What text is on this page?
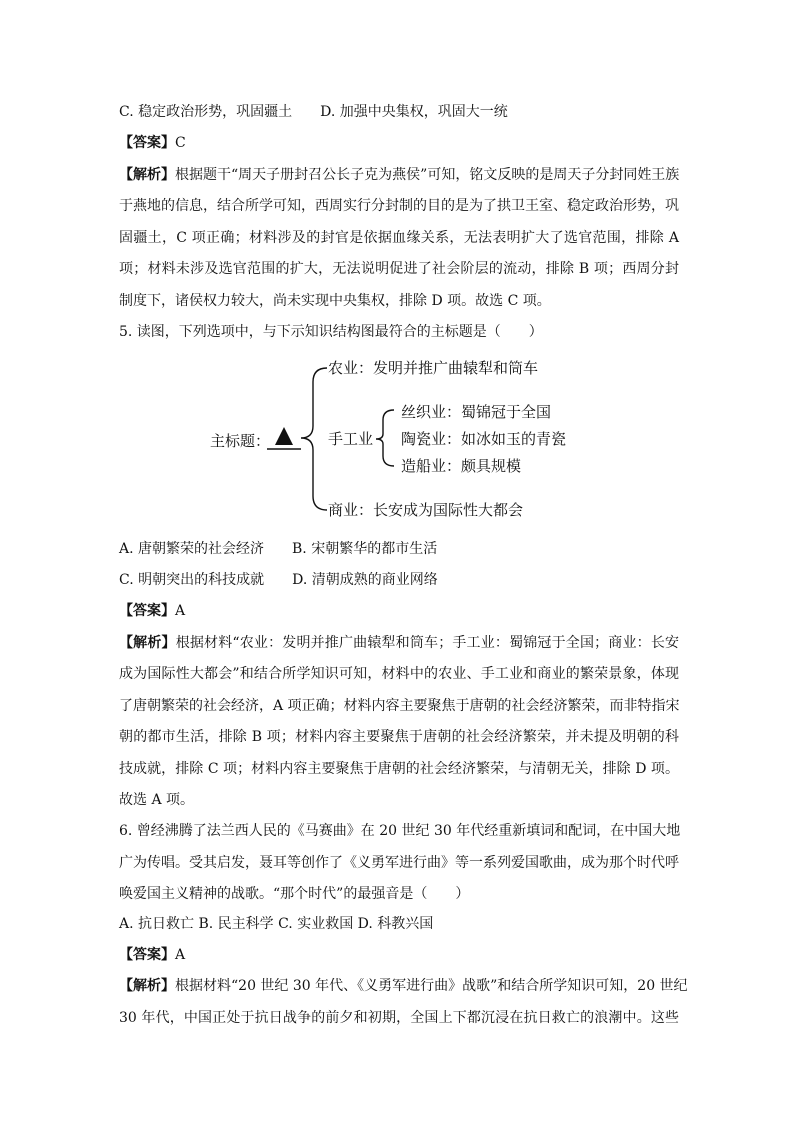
C. 稳定政治形势，巩固疆土　　D. 加强中央集权，巩固大一统
【答案】C
【解析】根据题干“周天子册封召公长子克为燕侯”可知，铭文反映的是周天子分封同姓王族
于燕地的信息，结合所学可知，西周实行分封制的目的是为了拱卫王室、稳定政治形势，巩
固疆土，C 项正确；材料涉及的封官是依据血缘关系，无法表明扩大了选官范围，排除 A
项；材料未涉及选官范围的扩大，无法说明促进了社会阶层的流动，排除 B 项；西周分封
制度下，诸侯权力较大，尚未实现中央集权，排除 D 项。故选 C 项。
5. 读图，下列选项中，与下示知识结构图最符合的主标题是（　　）
主标题：
农业：发明并推广曲辕犁和筒车
手工业
丝织业：蜀锦冠于全国
陶瓷业：如冰如玉的青瓷
造船业：颇具规模
商业：长安成为国际性大都会
A. 唐朝繁荣的社会经济　　B. 宋朝繁华的都市生活
C. 明朝突出的科技成就　　D. 清朝成熟的商业网络
【答案】A
【解析】根据材料“农业：发明并推广曲辕犁和筒车；手工业：蜀锦冠于全国；商业：长安
成为国际性大都会”和结合所学知识可知，材料中的农业、手工业和商业的繁荣景象，体现
了唐朝繁荣的社会经济，A 项正确；材料内容主要聚焦于唐朝的社会经济繁荣，而非特指宋
朝的都市生活，排除 B 项；材料内容主要聚焦于唐朝的社会经济繁荣，并未提及明朝的科
技成就，排除 C 项；材料内容主要聚焦于唐朝的社会经济繁荣，与清朝无关，排除 D 项。
故选 A 项。
6. 曾经沸腾了法兰西人民的《马赛曲》在 20 世纪 30 年代经重新填词和配词，在中国大地
广为传唱。受其启发，聂耳等创作了《义勇军进行曲》等一系列爱国歌曲，成为那个时代呼
唤爱国主义精神的战歌。“那个时代”的最强音是（　　）
A. 抗日救亡 B. 民主科学 C. 实业救国 D. 科教兴国
【答案】A
【解析】根据材料“20 世纪 30 年代、《义勇军进行曲》战歌”和结合所学知识可知，20 世纪
30 年代，中国正处于抗日战争的前夕和初期，全国上下都沉浸在抗日救亡的浪潮中。这些
